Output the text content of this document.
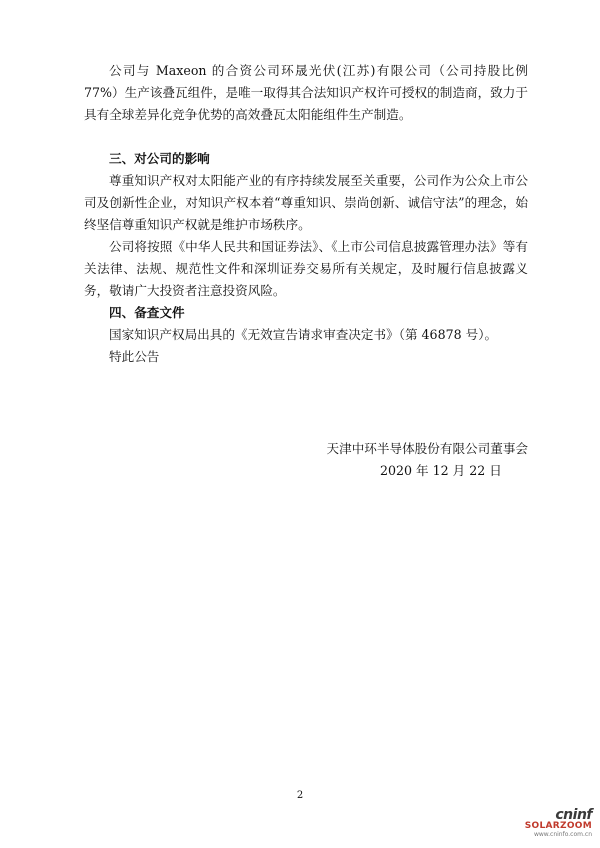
公司与 Maxeon 的合资公司环晟光伏(江苏)有限公司（公司持股比例 77%）生产该叠瓦组件，是唯一取得其合法知识产权许可授权的制造商，致力于具有全球差异化竞争优势的高效叠瓦太阳能组件生产制造。

三、对公司的影响

尊重知识产权对太阳能产业的有序持续发展至关重要，公司作为公众上市公司及创新性企业，对知识产权本着“尊重知识、崇尚创新、诚信守法”的理念，始终坚信尊重知识产权就是维护市场秩序。

公司将按照《中华人民共和国证券法》、《上市公司信息披露管理办法》等有关法律、法规、规范性文件和深圳证券交易所有关规定，及时履行信息披露义务，敬请广大投资者注意投资风险。

四、备查文件

国家知识产权局出具的《无效宣告请求审查决定书》（第 46878 号）。

特此公告

天津中环半导体股份有限公司董事会
2020 年 12 月 22 日
2
cninf
SOLARZOOM
www.cninfo.com.cn
